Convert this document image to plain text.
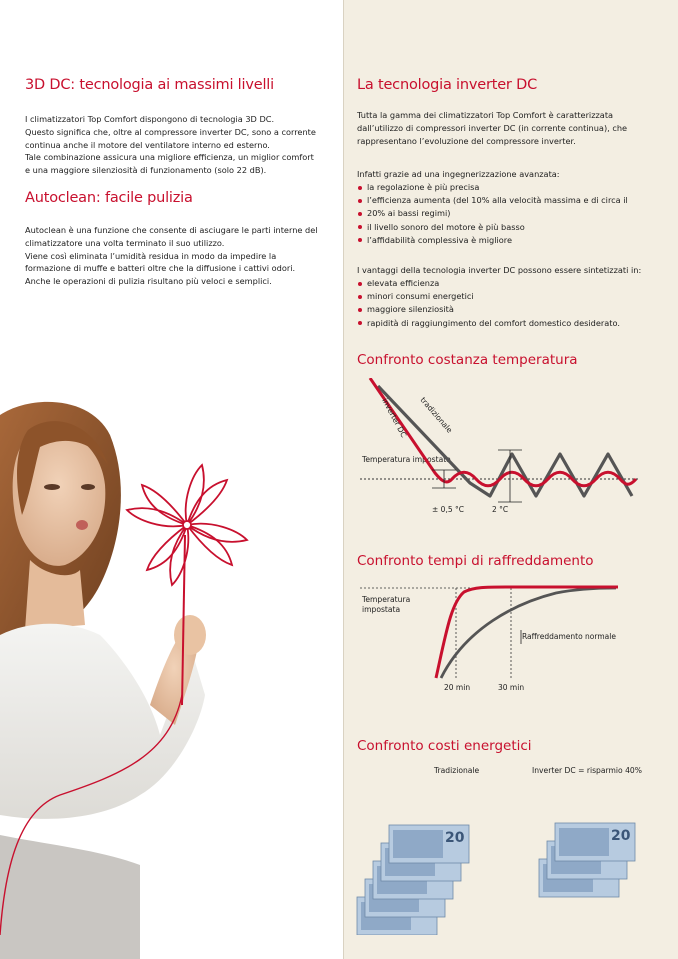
3D DC: tecnologia ai massimi livelli

I climatizzatori Top Comfort dispongono di tecnologia 3D DC.
Questo significa che, oltre al compressore inverter DC, sono a corrente
continua anche il motore del ventilatore interno ed esterno.
Tale combinazione assicura una migliore efficienza, un miglior comfort
e una maggiore silenziosità di funzionamento (solo 22 dB).

Autoclean: facile pulizia

Autoclean è una funzione che consente di asciugare le parti interne del
climatizzatore una volta terminato il suo utilizzo.
Viene così eliminata l’umidità residua in modo da impedire la
formazione di muffe e batteri oltre che la diffusione i cattivi odori.
Anche le operazioni di pulizia risultano più veloci e semplici.

La tecnologia inverter DC

Tutta la gamma dei climatizzatori Top Comfort è caratterizzata
dall’utilizzo di compressori inverter DC (in corrente continua), che
rappresentano l’evoluzione del compressore inverter.

Infatti grazie ad una ingegnerizzazione avanzata:

la regolazione è più precisa
l’efficienza aumenta (del 10% alla velocità massima e di circa il
20% ai bassi regimi)
il livello sonoro del motore è più basso
l’affidabilità complessiva è migliore

I vantaggi della tecnologia inverter DC possono essere sintetizzati in:

elevata efficienza
minori consumi energetici
maggiore silenziosità
rapidità di raggiungimento del comfort domestico desiderato.
Confronto costanza temperatura
Temperatura impostata
inverter DC tradizionale
± 0,5 °C	2 °C
Confronto tempi di raffreddamento
Temperatura impostata
20 min	30 min
Raffreddamento normale
Confronto costi energetici
Tradizionale	Inverter DC = risparmio 40%
20	20
